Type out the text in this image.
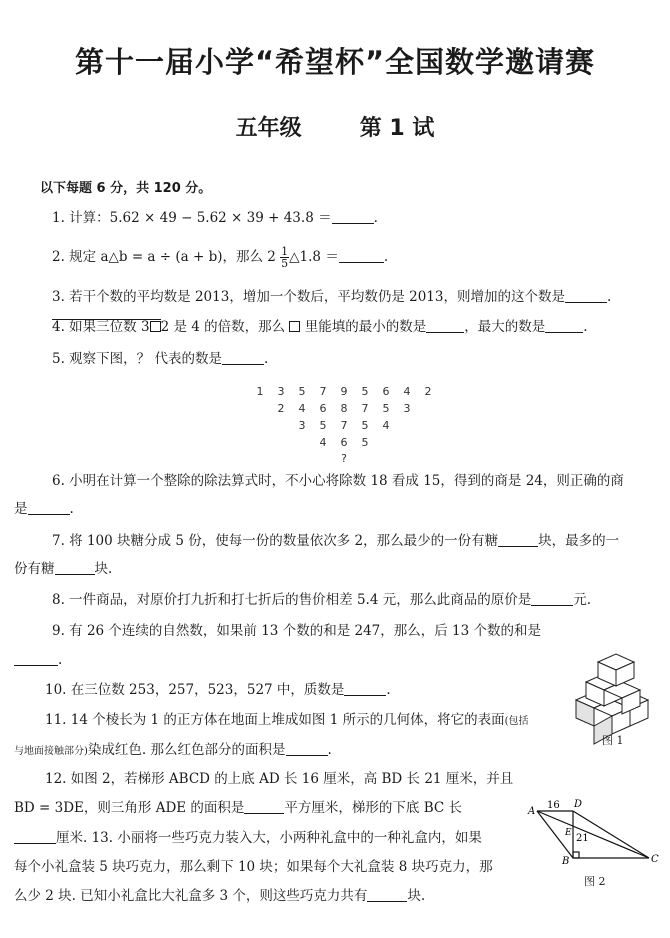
第十一届小学“希望杯”全国数学邀请赛
五年级	第 1 试
以下每题 6 分，共 120 分。
1. 计算：5.62 × 49 − 5.62 × 39 + 43.8 ＝	.
2. 规定 a△b = a ÷ (a + b)，那么 $2 \frac{1}{5}$ △1.8 ＝	.
3. 若干个数的平均数是 2013，增加一个数后，平均数仍是 2013，则增加的这个数是	.
4. 如果三位数 3 2 是 4 的倍数，那么 里能填的最小的数是	，最大的数是	.
5. 观察下图，？ 代表的数是	.
1	3	5	7	9	5	6	4	2
2	4	6	8	7	5	3
3	5	7	5	4
4	6	5
?
6. 小明在计算一个整除的除法算式时，不小心将除数 18 看成 15，得到的商是 24，则正确的商
是	.
7. 将 100 块糖分成 5 份，使每一份的数量依次多 2，那么最少的一份有糖	块，最多的一
份有糖	块.
8. 一件商品，对原价打九折和打七折后的售价相差 5.4 元，那么此商品的原价是	元.
9. 有 26 个连续的自然数，如果前 13 个数的和是 247，那么，后 13 个数的和是
.
10. 在三位数 253，257，523，527 中，质数是	.
11. 14 个棱长为 1 的正方体在地面上堆成如图 1 所示的几何体，将它的表面(包括
与地面接触部分)染成红色. 那么红色部分的面积是	.
12. 如图 2，若梯形 ABCD 的上底 AD 长 16 厘米，高 BD 长 21 厘米，并且
BD = 3DE，则三角形 ADE 的面积是	平方厘米，梯形的下底 BC 长
厘米. 13. 小丽将一些巧克力装入大，小两种礼盒中的一种礼盒内，如果
每个小礼盒装 5 块巧克力，那么剩下 10 块；如果每个大礼盒装 8 块巧克力，那
么少 2 块. 已知小礼盒比大礼盒多 3 个，则这些巧克力共有	块.
图 1
A
D
B	C
E
16
21
图 2
